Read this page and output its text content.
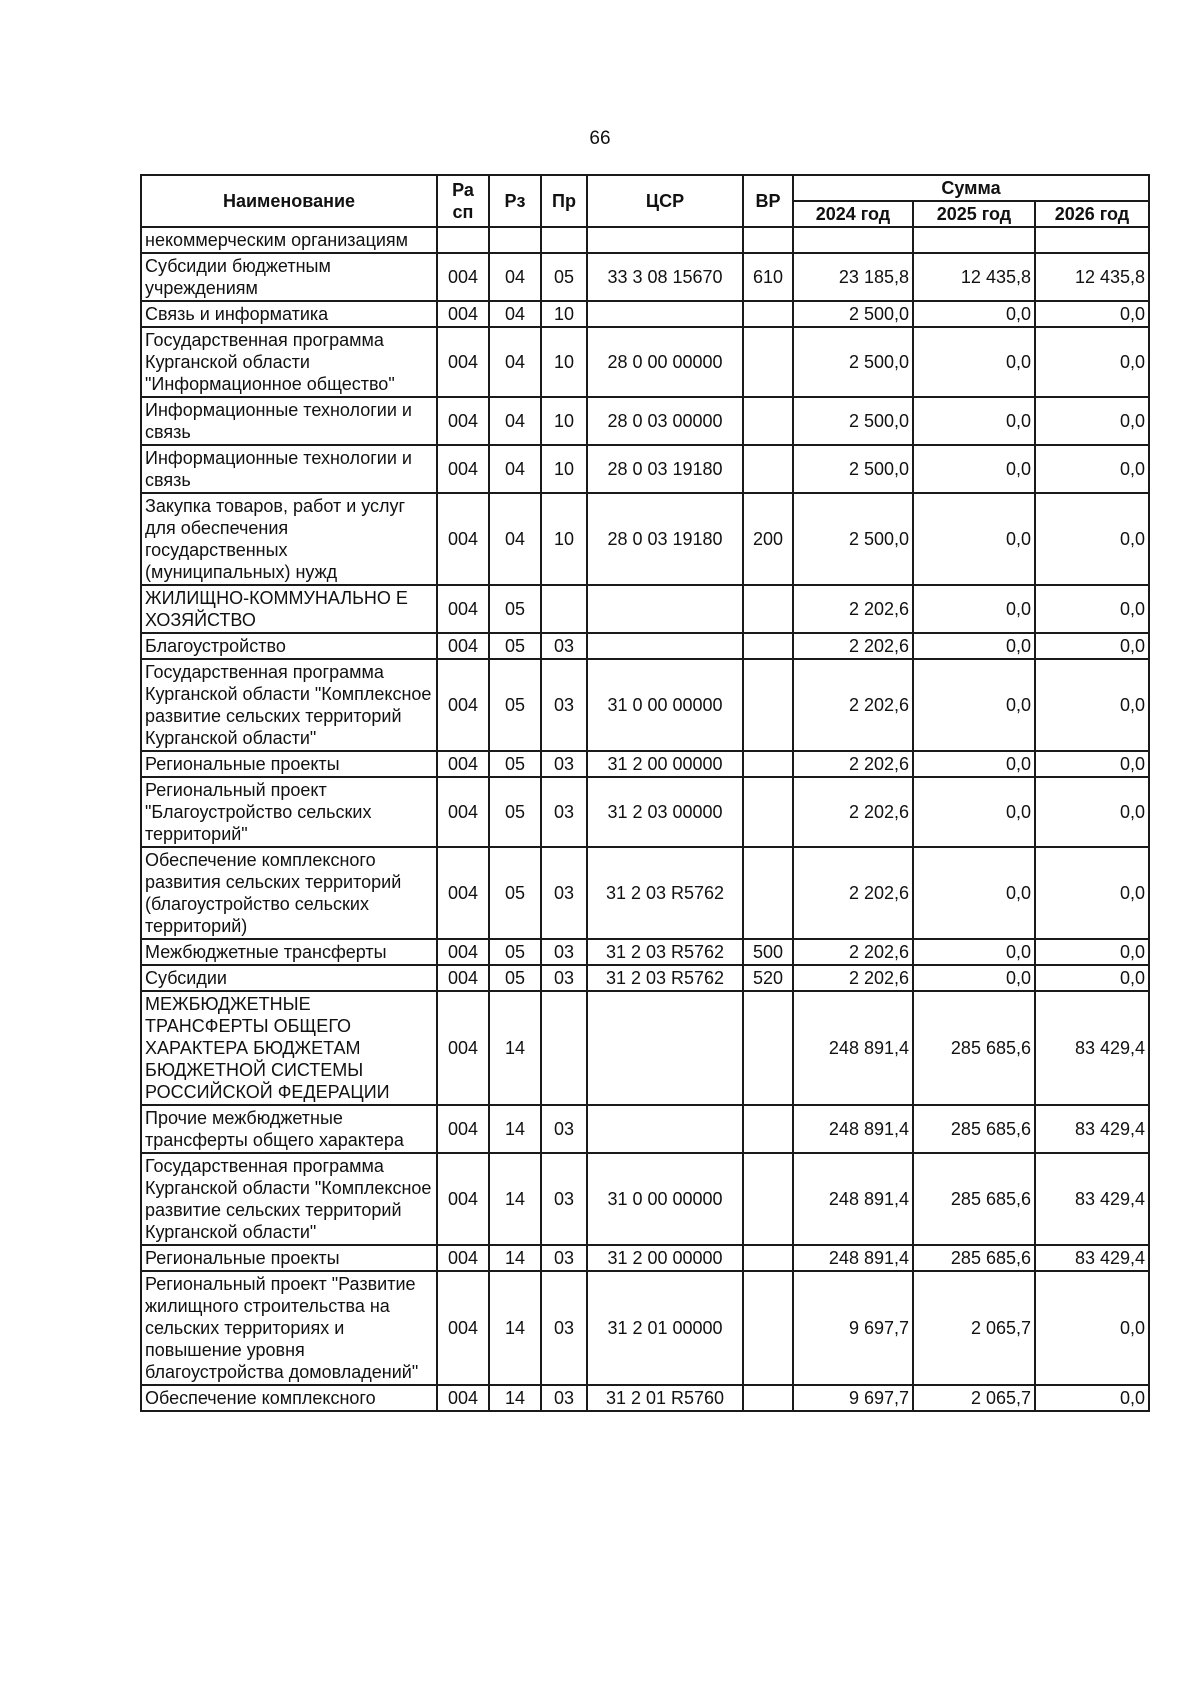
66
Наименование	Ра сп	Рз	Пр	ЦСР	ВР	Сумма		
						2024 год	2025 год	2026 год
некоммерческим организациям								
Субсидии бюджетным учреждениям	004	04	05	33 3 08 15670	610	23 185,8	12 435,8	12 435,8
Связь и информатика	004	04	10			2 500,0	0,0	0,0
Государственная программа Курганской области "Информационное общество"	004	04	10	28 0 00 00000		2 500,0	0,0	0,0
Информационные технологии и связь	004	04	10	28 0 03 00000		2 500,0	0,0	0,0
Информационные технологии и связь	004	04	10	28 0 03 19180		2 500,0	0,0	0,0
Закупка товаров, работ и услуг для обеспечения государственных (муниципальных) нужд	004	04	10	28 0 03 19180	200	2 500,0	0,0	0,0
ЖИЛИЩНО-КОММУНАЛЬНО Е ХОЗЯЙСТВО	004	05				2 202,6	0,0	0,0
Благоустройство	004	05	03			2 202,6	0,0	0,0
Государственная программа Курганской области "Комплексное развитие сельских территорий Курганской области"	004	05	03	31 0 00 00000		2 202,6	0,0	0,0
Региональные проекты	004	05	03	31 2 00 00000		2 202,6	0,0	0,0
Региональный проект "Благоустройство сельских территорий"	004	05	03	31 2 03 00000		2 202,6	0,0	0,0
Обеспечение комплексного развития сельских территорий (благоустройство сельских территорий)	004	05	03	31 2 03 R5762		2 202,6	0,0	0,0
Межбюджетные трансферты	004	05	03	31 2 03 R5762	500	2 202,6	0,0	0,0
Субсидии	004	05	03	31 2 03 R5762	520	2 202,6	0,0	0,0
МЕЖБЮДЖЕТНЫЕ ТРАНСФЕРТЫ ОБЩЕГО ХАРАКТЕРА БЮДЖЕТАМ БЮДЖЕТНОЙ СИСТЕМЫ РОССИЙСКОЙ ФЕДЕРАЦИИ	004	14				248 891,4	285 685,6	83 429,4
Прочие межбюджетные трансферты общего характера	004	14	03			248 891,4	285 685,6	83 429,4
Государственная программа Курганской области "Комплексное развитие сельских территорий Курганской области"	004	14	03	31 0 00 00000		248 891,4	285 685,6	83 429,4
Региональные проекты	004	14	03	31 2 00 00000		248 891,4	285 685,6	83 429,4
Региональный проект "Развитие жилищного строительства на сельских территориях и повышение уровня благоустройства домовладений"	004	14	03	31 2 01 00000		9 697,7	2 065,7	0,0
Обеспечение комплексного	004	14	03	31 2 01 R5760		9 697,7	2 065,7	0,0
